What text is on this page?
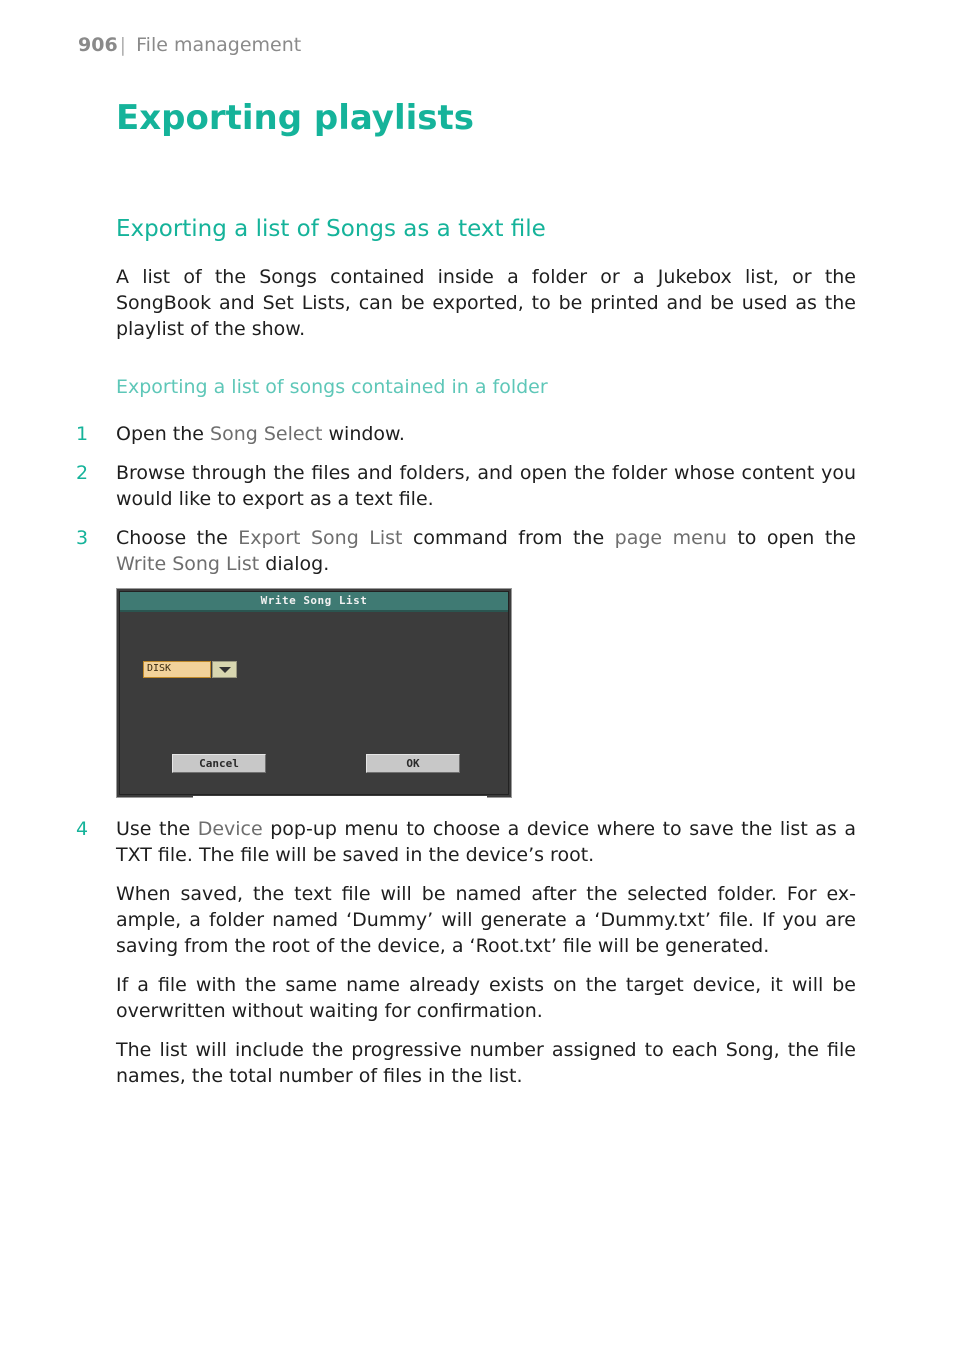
906 | File management
Exporting playlists
Exporting a list of Songs as a text file

A list of the Songs contained inside a folder or a Jukebox list, or the SongBook and Set Lists, can be exported, to be printed and be used as the playlist of the show.

Exporting a list of songs contained in a folder
1 Open the Song Select window.

2 Browse through the files and folders, and open the folder whose content you would like to export as a text file.

3 Choose the Export Song List command from the page menu to open the Write Song List dialog.

Write Song List
DISK
Cancel	OK
4 Use the Device pop-up menu to choose a device where to save the list as a TXT file. The file will be saved in the device’s root.

When saved, the text file will be named after the selected folder. For example, a folder named ‘Dummy’ will generate a ‘Dummy.txt’ file. If you are saving from the root of the device, a ‘Root.txt’ file will be generated.

If a file with the same name already exists on the target device, it will be overwritten without waiting for confirmation.

The list will include the progressive number assigned to each Song, the file names, the total number of files in the list.
